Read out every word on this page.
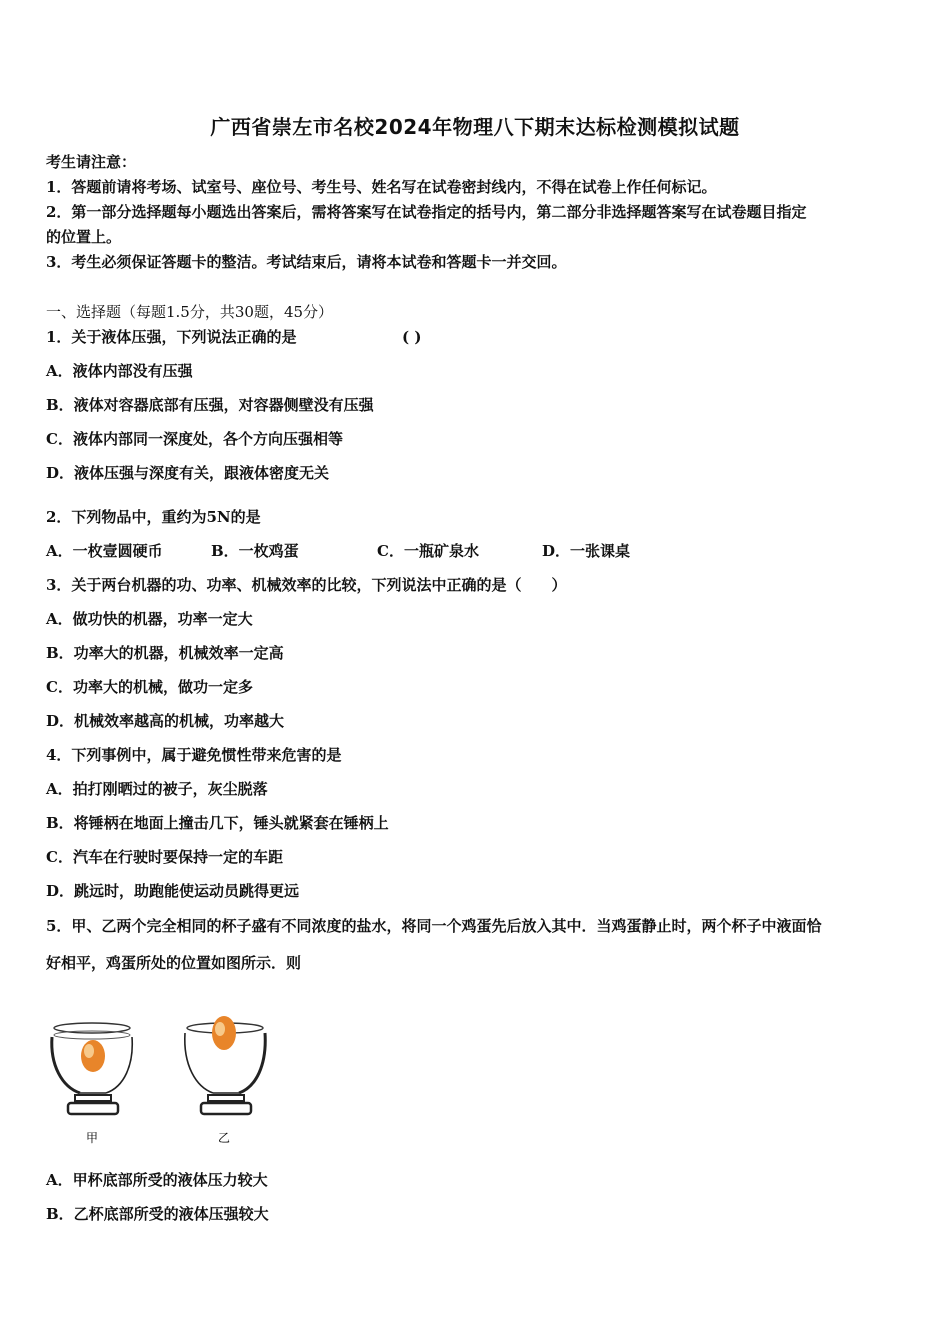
广西省崇左市名校2024年物理八下期末达标检测模拟试题
考生请注意：
1．答题前请将考场、试室号、座位号、考生号、姓名写在试卷密封线内，不得在试卷上作任何标记。
2．第一部分选择题每小题选出答案后，需将答案写在试卷指定的括号内，第二部分非选择题答案写在试卷题目指定
的位置上。
3．考生必须保证答题卡的整洁。考试结束后，请将本试卷和答题卡一并交回。
一、选择题（每题1.5分，共30题，45分）
1．关于液体压强，下列说法正确的是	( )
A．液体内部没有压强
B．液体对容器底部有压强，对容器侧壁没有压强
C．液体内部同一深度处，各个方向压强相等
D．液体压强与深度有关，跟液体密度无关
2．下列物品中，重约为5N的是
A．一枚壹圆硬币	B．一枚鸡蛋	C．一瓶矿泉水	D．一张课桌
3．关于两台机器的功、功率、机械效率的比较，下列说法中正确的是（　　）
A．做功快的机器，功率一定大
B．功率大的机器，机械效率一定高
C．功率大的机械，做功一定多
D．机械效率越高的机械，功率越大
4．下列事例中，属于避免惯性带来危害的是
A．拍打刚晒过的被子，灰尘脱落
B．将锤柄在地面上撞击几下，锤头就紧套在锤柄上
C．汽车在行驶时要保持一定的车距
D．跳远时，助跑能使运动员跳得更远
5．甲、乙两个完全相同的杯子盛有不同浓度的盐水，将同一个鸡蛋先后放入其中．当鸡蛋静止时，两个杯子中液面恰
好相平，鸡蛋所处的位置如图所示．则
甲	乙
A．甲杯底部所受的液体压力较大
B．乙杯底部所受的液体压强较大
